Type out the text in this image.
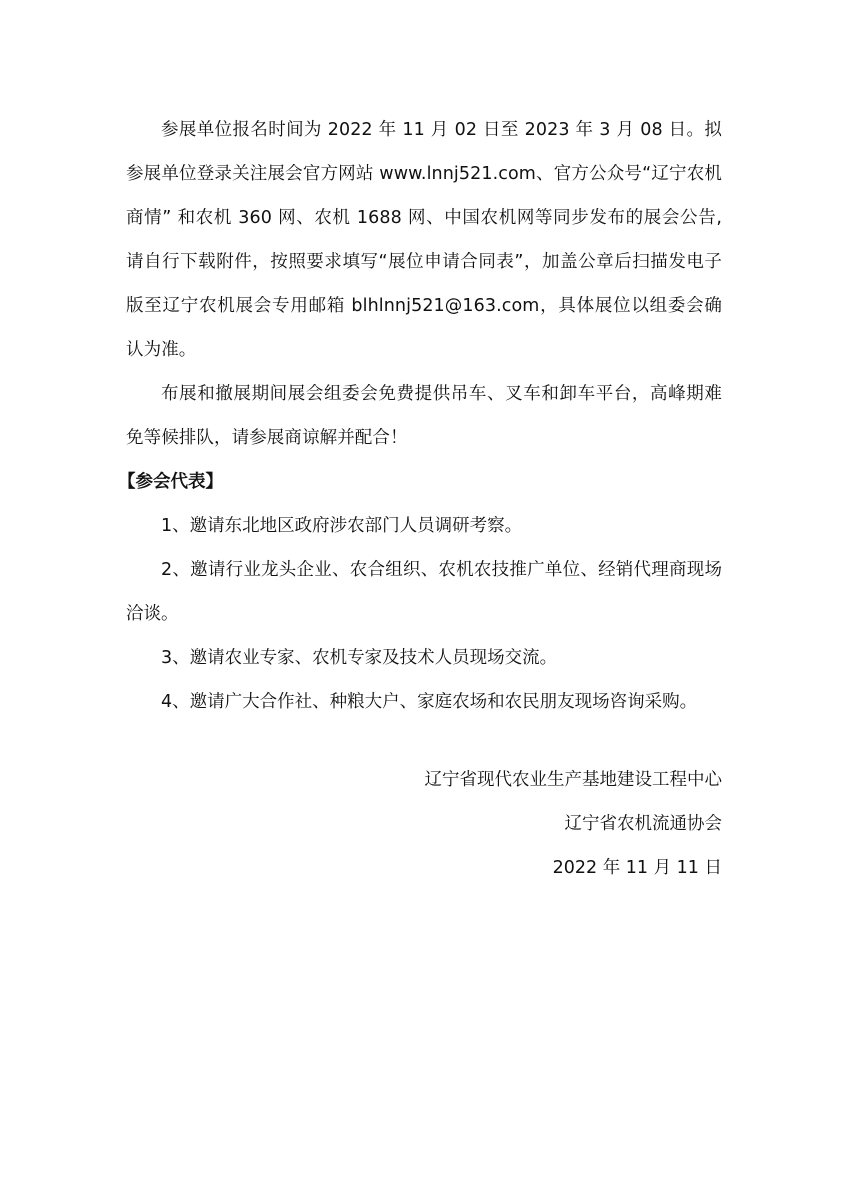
参展单位报名时间为 2022 年 11 月 02 日至 2023 年 3 月 08 日。拟参展单位登录关注展会官方网站 www.lnnj521.com、官方公众号“辽宁农机商情” 和农机 360 网、农机 1688 网、中国农机网等同步发布的展会公告,请自行下载附件，按照要求填写“展位申请合同表”，加盖公章后扫描发电子版至辽宁农机展会专用邮箱 blhlnnj521@163.com，具体展位以组委会确认为准。

布展和撤展期间展会组委会免费提供吊车、叉车和卸车平台，高峰期难免等候排队，请参展商谅解并配合！

【参会代表】

1、邀请东北地区政府涉农部门人员调研考察。

2、邀请行业龙头企业、农合组织、农机农技推广单位、经销代理商现场洽谈。

3、邀请农业专家、农机专家及技术人员现场交流。

4、邀请广大合作社、种粮大户、家庭农场和农民朋友现场咨询采购。

辽宁省现代农业生产基地建设工程中心

辽宁省农机流通协会

2022 年 11 月 11 日
